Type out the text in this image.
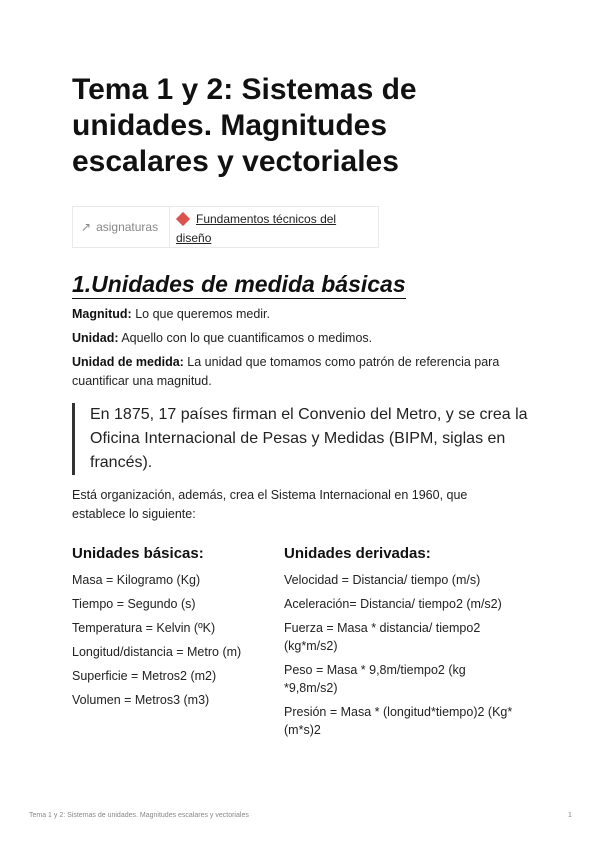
Tema 1 y 2: Sistemas de unidades. Magnitudes escalares y vectoriales
↗ asignaturas
Fundamentos técnicos del diseño
1.Unidades de medida básicas

Magnitud: Lo que queremos medir.

Unidad: Aquello con lo que cuantificamos o medimos.

Unidad de medida: La unidad que tomamos como patrón de referencia para cuantificar una magnitud.

En 1875, 17 países firman el Convenio del Metro, y se crea la Oficina Internacional de Pesas y Medidas (BIPM, siglas en francés).

Está organización, además, crea el Sistema Internacional en 1960, que establece lo siguiente:

Unidades básicas:
Masa = Kilogramo (Kg)
Tiempo = Segundo (s)
Temperatura = Kelvin (ºK)
Longitud/distancia = Metro (m)
Superficie = Metros2 (m2)
Volumen = Metros3 (m3)
Unidades derivadas:
Velocidad = Distancia/ tiempo (m/s)
Aceleración= Distancia/ tiempo2 (m/s2)
Fuerza = Masa * distancia/ tiempo2 (kg*m/s2)
Peso = Masa * 9,8m/tiempo2 (kg *9,8m/s2)
Presión = Masa * (longitud*tiempo)2 (Kg* (m*s)2
Tema 1 y 2: Sistemas de unidades. Magnitudes escalares y vectoriales	1
